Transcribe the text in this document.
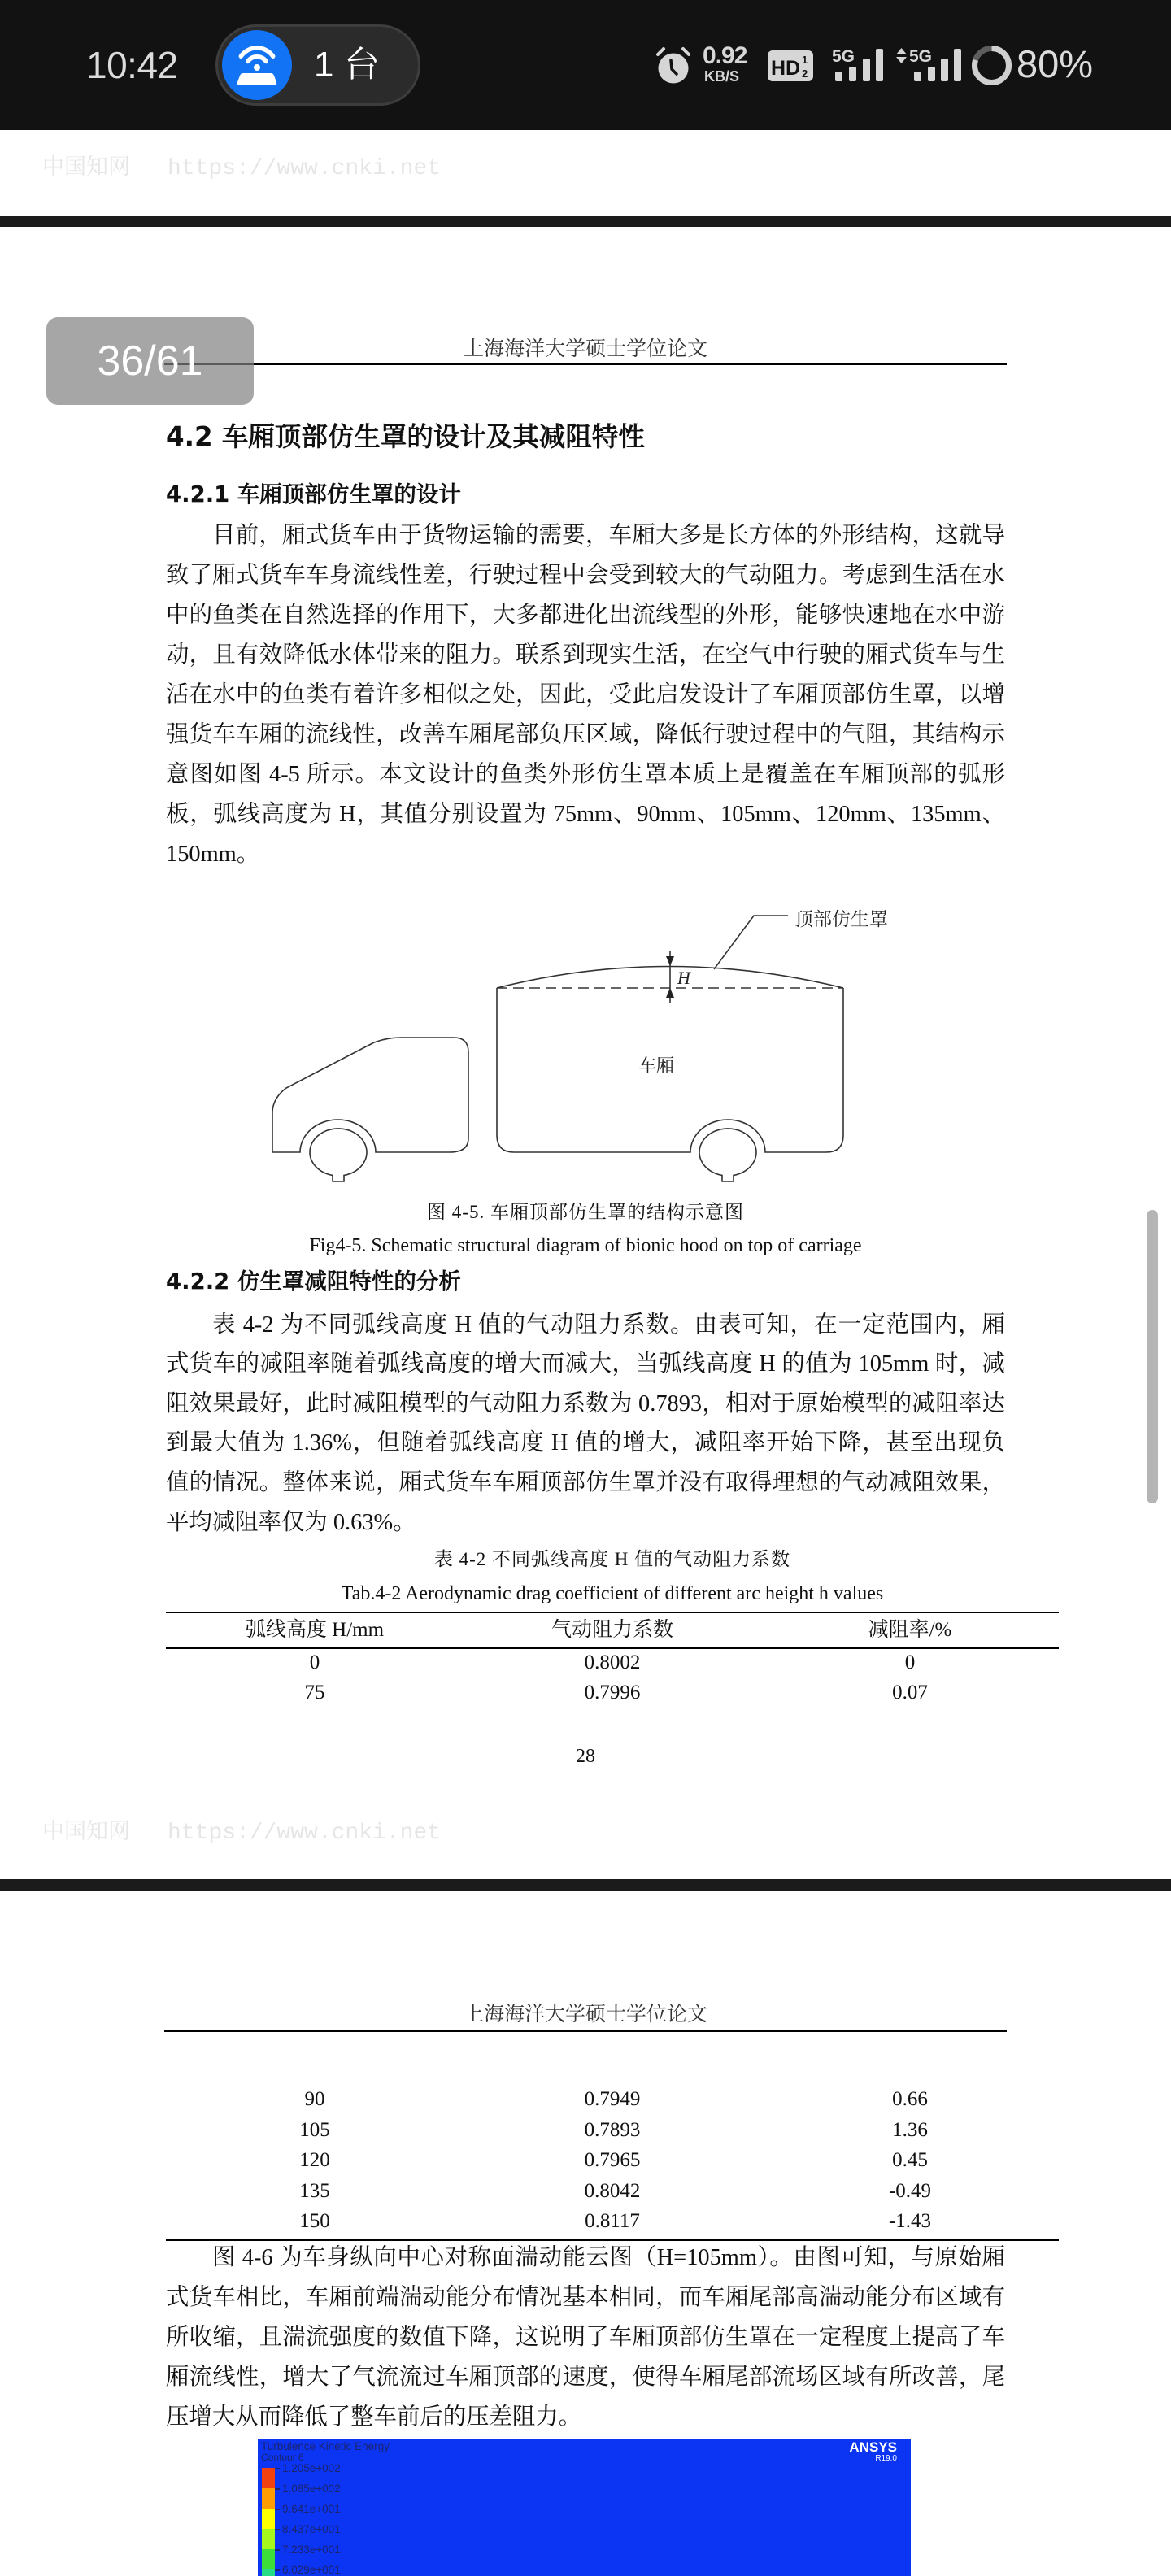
10:42	1 台	0.92
KB/S HD 1
2
5G	5G 80%
中国知网 https://www.cnki.net
上海海洋大学硕士学位论文
36/61
4.2 车厢顶部仿生罩的设计及其减阻特性
4.2.1 车厢顶部仿生罩的设计
目前，厢式货车由于货物运输的需要，车厢大多是长方体的外形结构，这就导
致了厢式货车车身流线性差，行驶过程中会受到较大的气动阻力。考虑到生活在水
中的鱼类在自然选择的作用下，大多都进化出流线型的外形，能够快速地在水中游
动，且有效降低水体带来的阻力。联系到现实生活，在空气中行驶的厢式货车与生
活在水中的鱼类有着许多相似之处，因此，受此启发设计了车厢顶部仿生罩，以增
强货车车厢的流线性，改善车厢尾部负压区域，降低行驶过程中的气阻，其结构示
意图如图 4-5 所示。本文设计的鱼类外形仿生罩本质上是覆盖在车厢顶部的弧形
板，弧线高度为 H，其值分别设置为 75mm、90mm、105mm、120mm、135mm、
150mm。
顶部仿生罩
H
车厢
图 4-5. 车厢顶部仿生罩的结构示意图
Fig4-5. Schematic structural diagram of bionic hood on top of carriage
4.2.2 仿生罩减阻特性的分析
表 4-2 为不同弧线高度 H 值的气动阻力系数。由表可知，在一定范围内，厢
式货车的减阻率随着弧线高度的增大而减大，当弧线高度 H 的值为 105mm 时，减
阻效果最好，此时减阻模型的气动阻力系数为 0.7893，相对于原始模型的减阻率达
到最大值为 1.36%，但随着弧线高度 H 值的增大，减阻率开始下降，甚至出现负
值的情况。整体来说，厢式货车车厢顶部仿生罩并没有取得理想的气动减阻效果，
平均减阻率仅为 0.63%。
表 4-2 不同弧线高度 H 值的气动阻力系数
Tab.4-2 Aerodynamic drag coefficient of different arc height h values
弧线高度 H/mm	气动阻力系数	减阻率/%
0	0.8002	0
75	0.7996	0.07
28
中国知网 https://www.cnki.net
上海海洋大学硕士学位论文
90	0.7949	0.66
105	0.7893	1.36
120	0.7965	0.45
135	0.8042	-0.49
150	0.8117	-1.43
图 4-6 为车身纵向中心对称面湍动能云图（H=105mm）。由图可知，与原始厢
式货车相比，车厢前端湍动能分布情况基本相同，而车厢尾部高湍动能分布区域有
所收缩，且湍流强度的数值下降，这说明了车厢顶部仿生罩在一定程度上提高了车
厢流线性，增大了气流流过车厢顶部的速度，使得车厢尾部流场区域有所改善，尾
压增大从而降低了整车前后的压差阻力。
Turbulence Kinetic Energy
Contour 6
ANSYS
R19.0
1.205e+002
1.085e+002
9.641e+001
8.437e+001
7.233e+001
6.029e+001
